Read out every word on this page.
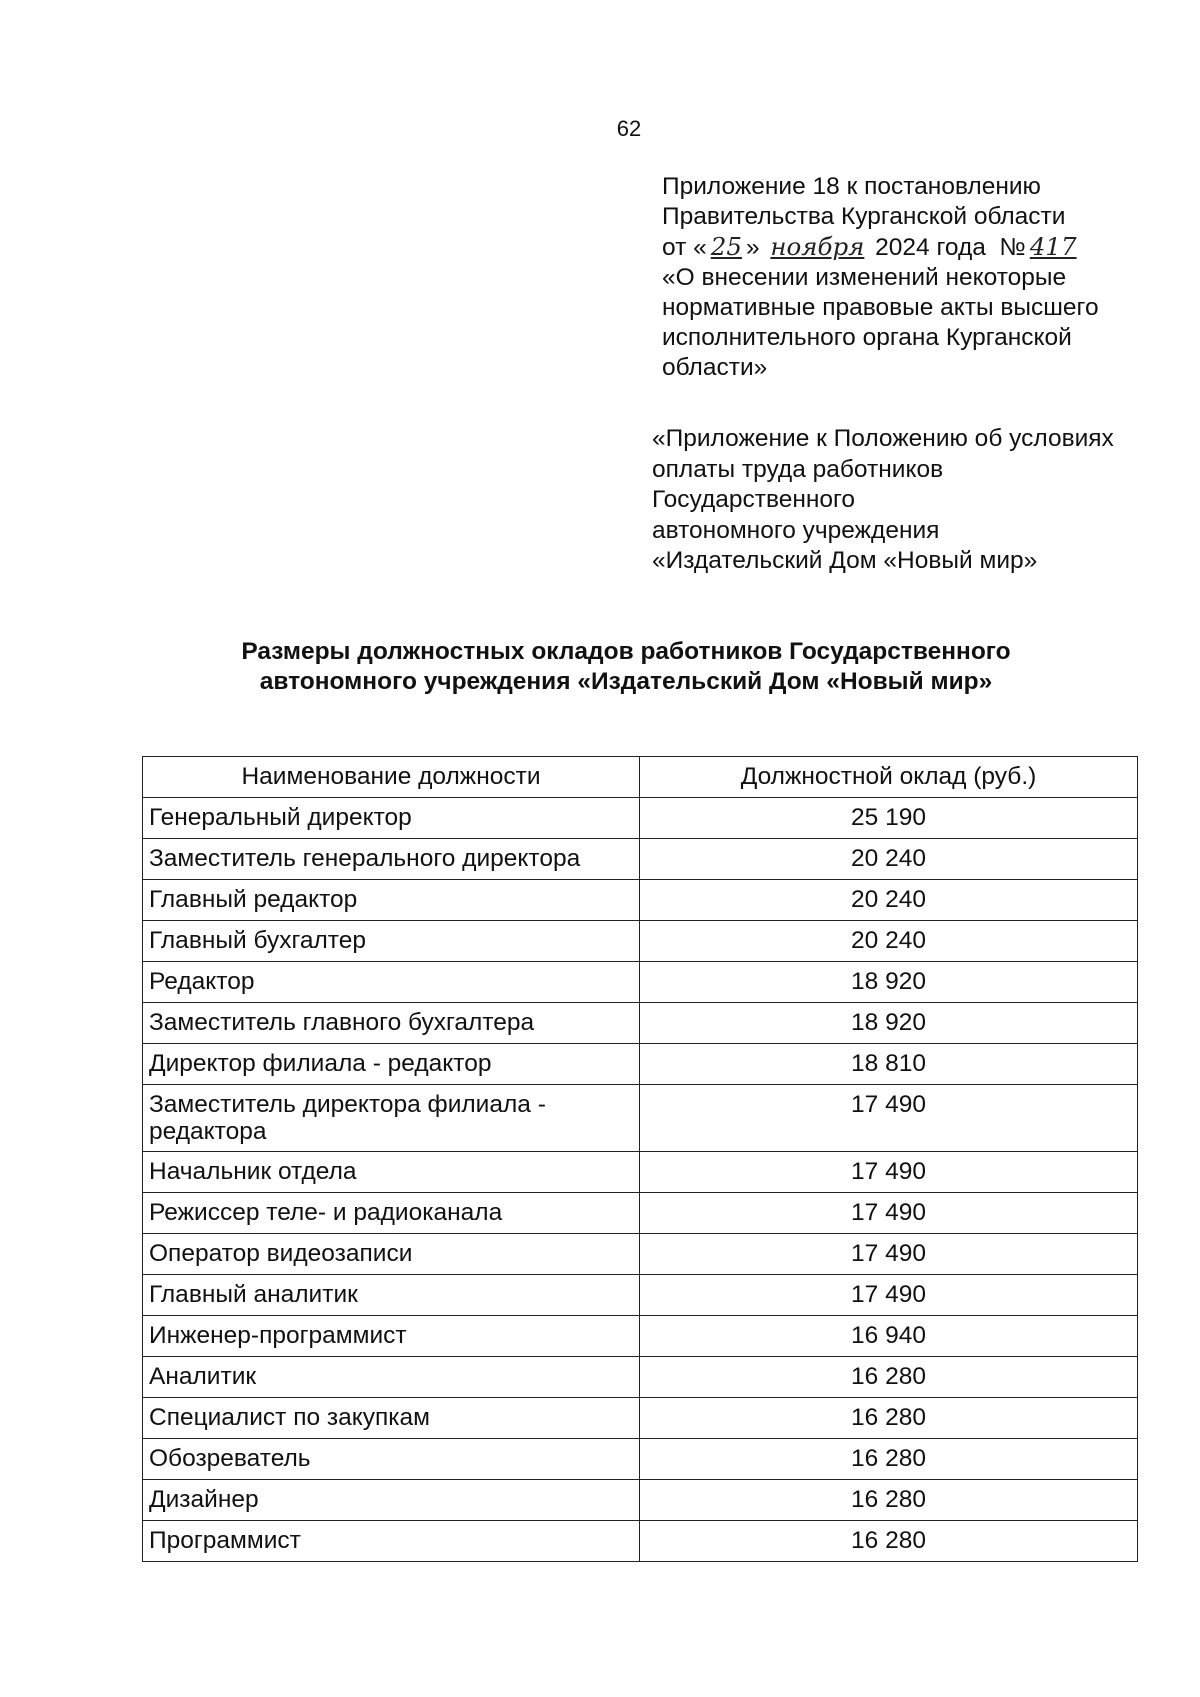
62
Приложение 18 к постановлению
Правительства Курганской области
от « 25 » ноября 2024 года № 417
«О внесении изменений некоторые
нормативные правовые акты высшего
исполнительного органа Курганской
области»
«Приложение к Положению об условиях
оплаты труда работников
Государственного
автономного учреждения
«Издательский Дом «Новый мир»
Размеры должностных окладов работников Государственного
автономного учреждения «Издательский Дом «Новый мир»
Наименование должности	Должностной оклад (руб.)
Генеральный директор	25 190
Заместитель генерального директора	20 240
Главный редактор	20 240
Главный бухгалтер	20 240
Редактор	18 920
Заместитель главного бухгалтера	18 920
Директор филиала - редактор	18 810
Заместитель директора филиала - редактора	17 490
Начальник отдела	17 490
Режиссер теле- и радиоканала	17 490
Оператор видеозаписи	17 490
Главный аналитик	17 490
Инженер-программист	16 940
Аналитик	16 280
Специалист по закупкам	16 280
Обозреватель	16 280
Дизайнер	16 280
Программист	16 280
